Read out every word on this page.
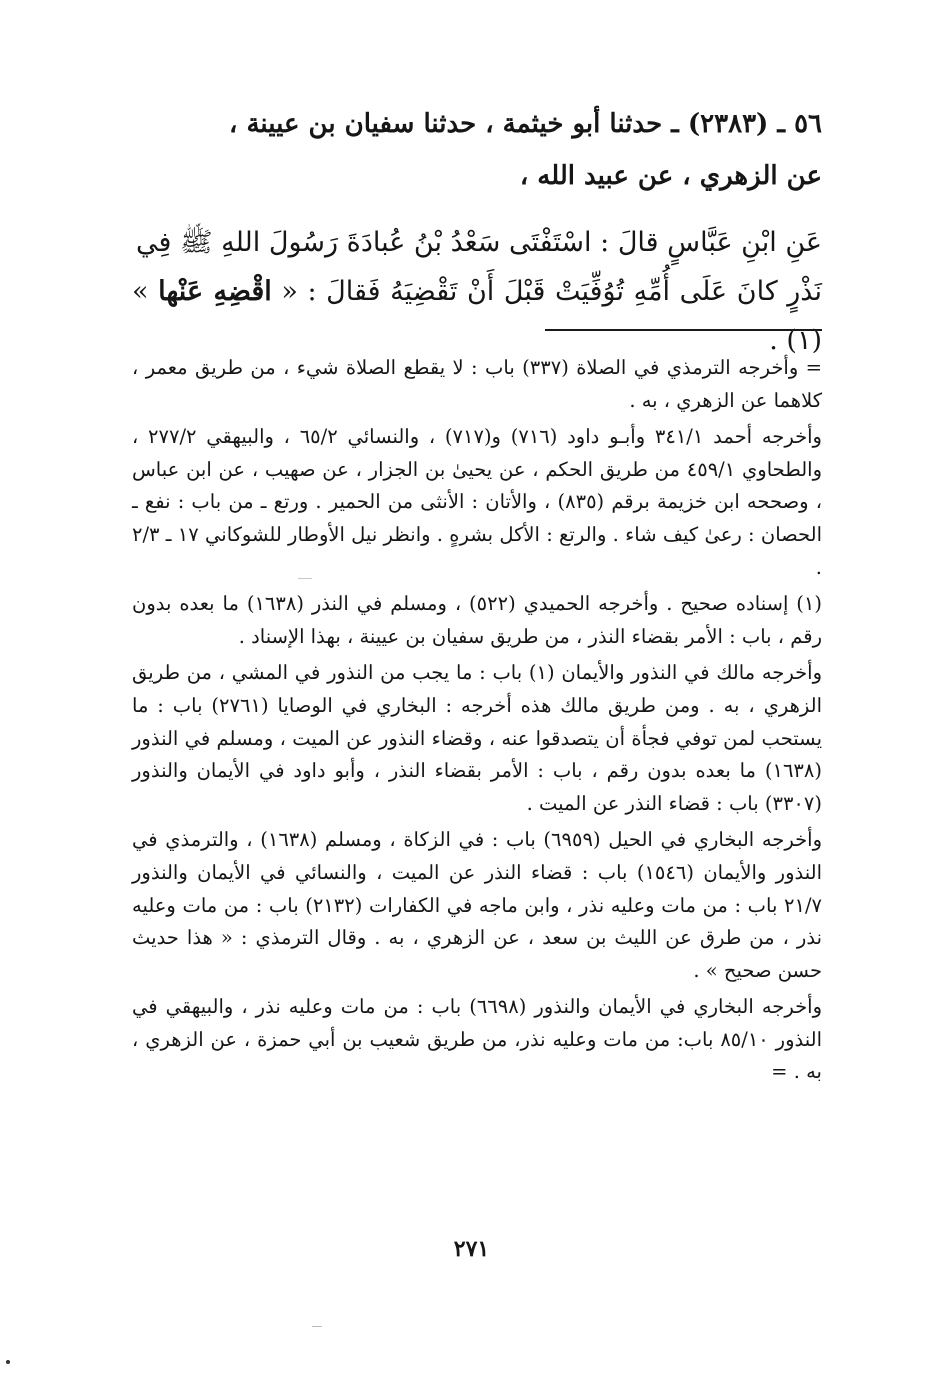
٥٦ ـ (٢٣٨٣) ـ حدثنا أبو خيثمة ، حدثنا سفيان بن عيينة ،

عن الزهري ، عن عبيد الله ،

عَنِ ابْنِ عَبَّاسٍ قالَ : اسْتَفْتَى سَعْدُ بْنُ عُبادَةَ رَسُولَ اللهِ ﷺ فِي

نَذْرٍ كانَ عَلَى أُمِّهِ تُوُفِّيَتْ قَبْلَ أَنْ تَقْضِيَهُ فَقالَ : « اقْضِهِ عَنْها » (١) .

= وأخرجه الترمذي في الصلاة (٣٣٧) باب : لا يقطع الصلاة شيء ، من طريق معمر ، كلاهما عن الزهري ، به .

وأخرجه أحمد ٣٤١/١ وأبـو داود (٧١٦) و(٧١٧) ، والنسائي ٦٥/٢ ، والبيهقي ٢٧٧/٢ ، والطحاوي ٤٥٩/١ من طريق الحكم ، عن يحيىٰ بن الجزار ، عن صهيب ، عن ابن عباس ، وصححه ابن خزيمة برقم (٨٣٥) ، والأتان : الأنثى من الحمير . ورتع ـ من باب : نفع ـ الحصان : رعىٰ كيف شاء . والرتع : الأكل بشرهٍ . وانظر نيل الأوطار للشوكاني ١٧ ـ ٢/٣ .

(١) إسناده صحيح . وأخرجه الحميدي (٥٢٢) ، ومسلم في النذر (١٦٣٨) ما بعده بدون رقم ، باب : الأمر بقضاء النذر ، من طريق سفيان بن عيينة ، بهذا الإسناد .

وأخرجه مالك في النذور والأيمان (١) باب : ما يجب من النذور في المشي ، من طريق الزهري ، به . ومن طريق مالك هذه أخرجه : البخاري في الوصايا (٢٧٦١) باب : ما يستحب لمن توفي فجأة أن يتصدقوا عنه ، وقضاء النذور عن الميت ، ومسلم في النذور (١٦٣٨) ما بعده بدون رقم ، باب : الأمر بقضاء النذر ، وأبو داود في الأيمان والنذور (٣٣٠٧) باب : قضاء النذر عن الميت .

وأخرجه البخاري في الحيل (٦٩٥٩) باب : في الزكاة ، ومسلم (١٦٣٨) ، والترمذي في النذور والأيمان (١٥٤٦) باب : قضاء النذر عن الميت ، والنسائي في الأيمان والنذور ٢١/٧ باب : من مات وعليه نذر ، وابن ماجه في الكفارات (٢١٣٢) باب : من مات وعليه نذر ، من طرق عن الليث بن سعد ، عن الزهري ، به . وقال الترمذي : « هذا حديث حسن صحيح » .

وأخرجه البخاري في الأيمان والنذور (٦٦٩٨) باب : من مات وعليه نذر ، والبيهقي في النذور ٨٥/١٠ باب: من مات وعليه نذر، من طريق شعيب بن أبي حمزة ، عن الزهري ، به . =

٢٧١
